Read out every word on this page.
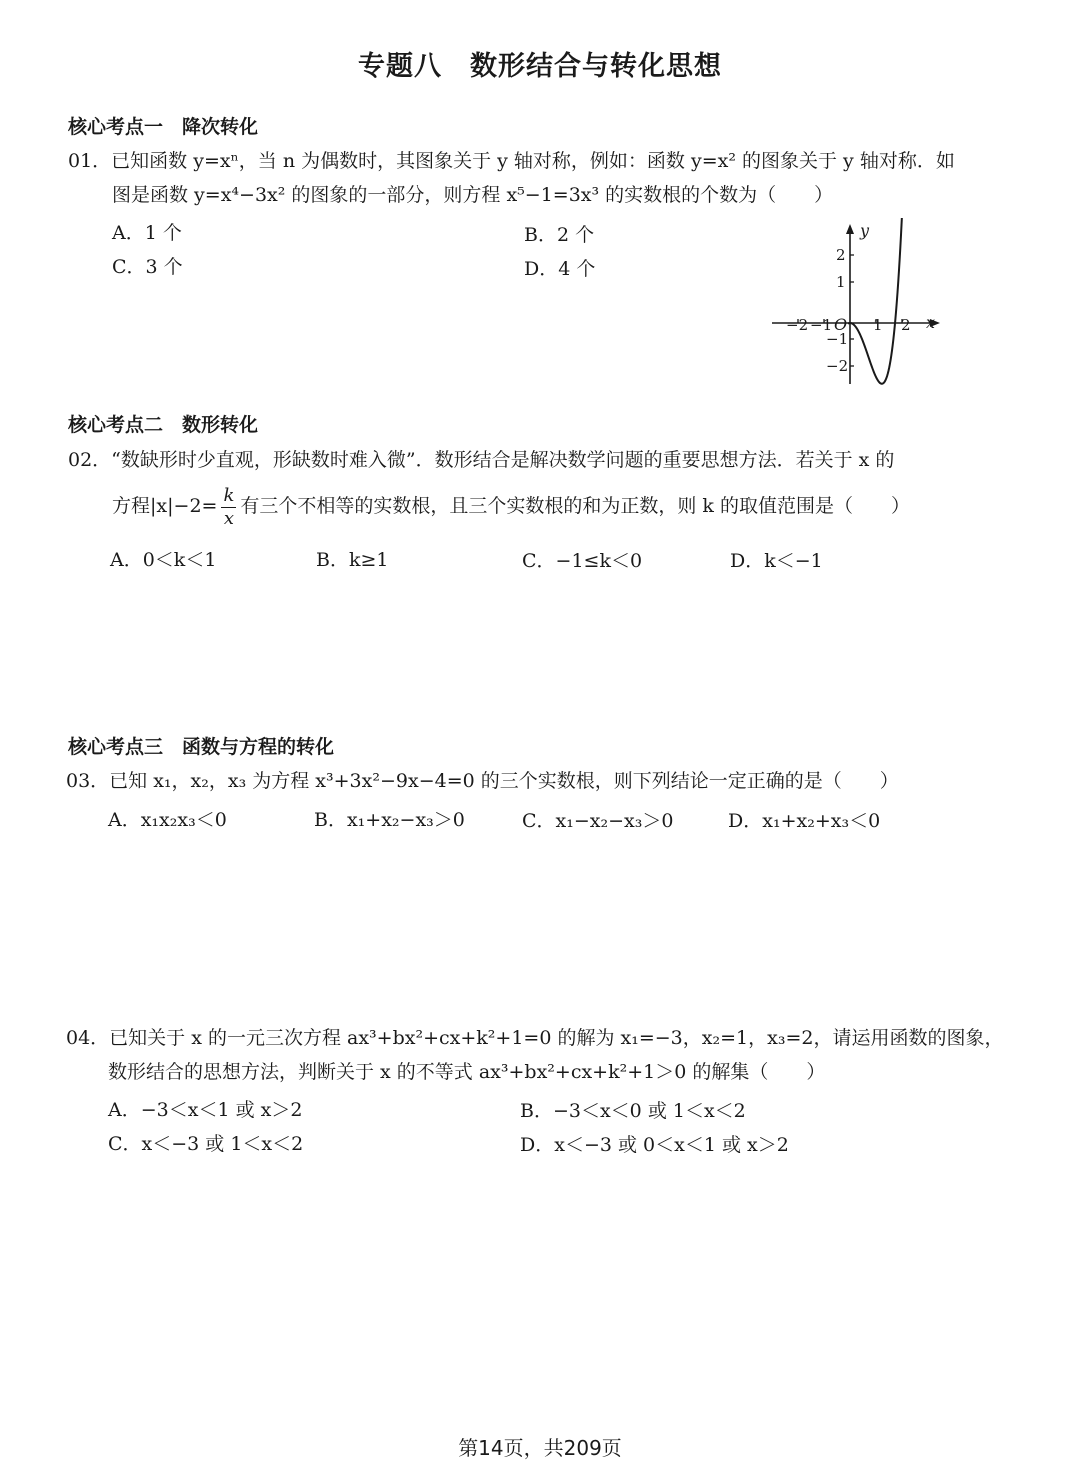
专题八　数形结合与转化思想
核心考点一　降次转化
01．已知函数 y=xⁿ，当 n 为偶数时，其图象关于 y 轴对称，例如：函数 y=x² 的图象关于 y 轴对称．如
图是函数 y=x⁴−3x² 的图象的一部分，则方程 x⁵−1=3x³ 的实数根的个数为（　　）
A．1 个	B．2 个
C．3 个	D．4 个
y
x
O
−2 −1	1 2
2
1
−1
−2
核心考点二　数形转化
02．“数缺形时少直观，形缺数时难入微”．数形结合是解决数学问题的重要思想方法．若关于 x 的
方程$|x|-2= \frac{k}{x}$ 有三个不相等的实数根，且三个实数根的和为正数，则 k 的取值范围是（　　）
A．0＜k＜1	B．k≥1	C．−1≤k＜0	D．k＜−1
核心考点三　函数与方程的转化
03．已知 x₁，x₂，x₃ 为方程 x³+3x²−9x−4=0 的三个实数根，则下列结论一定正确的是（　　）
A．x₁x₂x₃＜0	B．x₁+x₂−x₃＞0	C．x₁−x₂−x₃＞0	D．x₁+x₂+x₃＜0
04．已知关于 x 的一元三次方程 ax³+bx²+cx+k²+1=0 的解为 x₁=−3，x₂=1，x₃=2，请运用函数的图象，
数形结合的思想方法，判断关于 x 的不等式 ax³+bx²+cx+k²+1＞0 的解集（　　）
A．−3＜x＜1 或 x＞2	B．−3＜x＜0 或 1＜x＜2
C．x＜−3 或 1＜x＜2	D．x＜−3 或 0＜x＜1 或 x＞2
第14页，共209页
